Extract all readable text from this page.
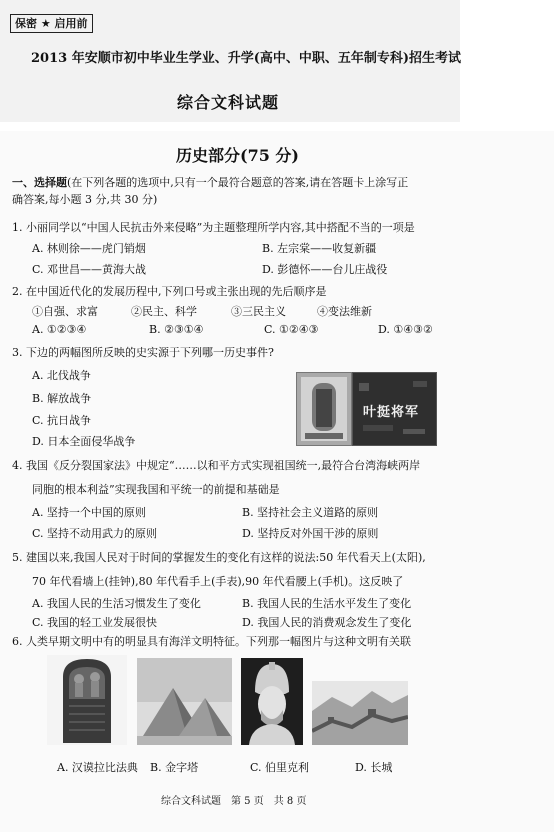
保密 ★ 启用前
2013 年安顺市初中毕业生学业、升学(高中、中职、五年制专科)招生考试
综合文科试题
历史部分(75 分)
一、选择题(在下列各题的选项中,只有一个最符合题意的答案,请在答题卡上涂写正
确答案,每小题 3 分,共 30 分)
1. 小丽同学以“中国人民抗击外来侵略”为主题整理所学内容,其中搭配不当的一项是
A. 林则徐——虎门销烟	B. 左宗棠——收复新疆
C. 邓世昌——黄海大战	D. 彭德怀——台儿庄战役
2. 在中国近代化的发展历程中,下列口号或主张出现的先后顺序是
①自强、求富	②民主、科学	③三民主义	④变法维新
A. ①②③④	B. ②③①④	C. ①②④③	D. ①④③②
3. 下边的两幅图所反映的史实源于下列哪一历史事件?
A. 北伐战争
B. 解放战争
C. 抗日战争
D. 日本全面侵华战争
叶挺将军
4. 我国《反分裂国家法》中规定“……以和平方式实现祖国统一,最符合台湾海峡两岸
同胞的根本利益”实现我国和平统一的前提和基础是
A. 坚持一个中国的原则	B. 坚持社会主义道路的原则
C. 坚持不动用武力的原则	D. 坚持反对外国干涉的原则
5. 建国以来,我国人民对于时间的掌握发生的变化有这样的说法:50 年代看天上(太阳),
70 年代看墙上(挂钟),80 年代看手上(手表),90 年代看腰上(手机)。这反映了
A. 我国人民的生活习惯发生了变化	B. 我国人民的生活水平发生了变化
C. 我国的轻工业发展很快	D. 我国人民的消费观念发生了变化
6. 人类早期文明中有的明显具有海洋文明特征。下列那一幅图片与这种文明有关联
A. 汉谟拉比法典 B. 金字塔	C. 伯里克利	D. 长城
综合文科试题　第 5 页　共 8 页
